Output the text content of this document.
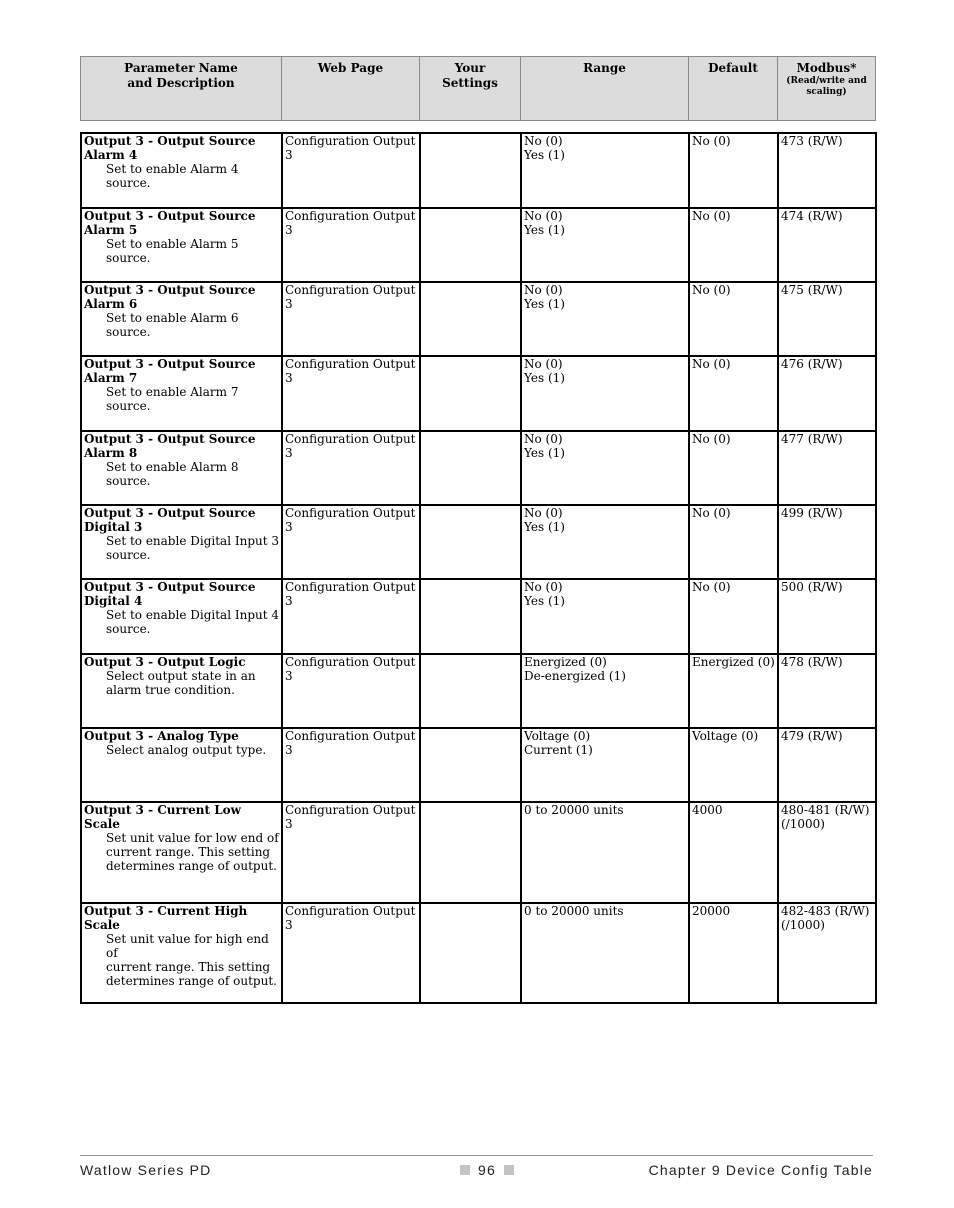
Parameter Name
and Description
	Web Page	Your
Settings
	Range	Default	Modbus*
(Read/write and
scaling)
Output 3 - Output Source
Alarm 4
Set to enable Alarm 4 source.	Configuration Output 3		No (0)
Yes (1)	No (0)	473 (R/W)

Output 3 - Output Source
Alarm 5
Set to enable Alarm 5 source.	Configuration Output 3		No (0)
Yes (1)	No (0)	474 (R/W)

Output 3 - Output Source
Alarm 6
Set to enable Alarm 6 source.	Configuration Output 3		No (0)
Yes (1)	No (0)	475 (R/W)

Output 3 - Output Source
Alarm 7
Set to enable Alarm 7 source.	Configuration Output 3		No (0)
Yes (1)	No (0)	476 (R/W)

Output 3 - Output Source
Alarm 8
Set to enable Alarm 8 source.	Configuration Output 3		No (0)
Yes (1)	No (0)	477 (R/W)

Output 3 - Output Source
Digital 3
Set to enable Digital Input 3
source.	Configuration Output 3		No (0)
Yes (1)	No (0)	499 (R/W)

Output 3 - Output Source
Digital 4
Set to enable Digital Input 4
source.	Configuration Output 3		No (0)
Yes (1)	No (0)	500 (R/W)

Output 3 - Output Logic
Select output state in an
alarm true condition.	Configuration Output 3		Energized (0)
De-energized (1)	Energized (0)	478 (R/W)

Output 3 - Analog Type
Select analog output type.	Configuration Output 3		Voltage (0)
Current (1)	Voltage (0)	479 (R/W)

Output 3 - Current Low Scale
Set unit value for low end of
current range. This setting
determines range of output.	Configuration Output 3		0 to 20000 units	4000	480-481 (R/W)
(/1000)

Output 3 - Current High Scale
Set unit value for high end of
current range. This setting
determines range of output.	Configuration Output 3		0 to 20000 units	20000	482-483 (R/W)
(/1000)
Watlow Series PD	96	Chapter 9 Device Config Table
